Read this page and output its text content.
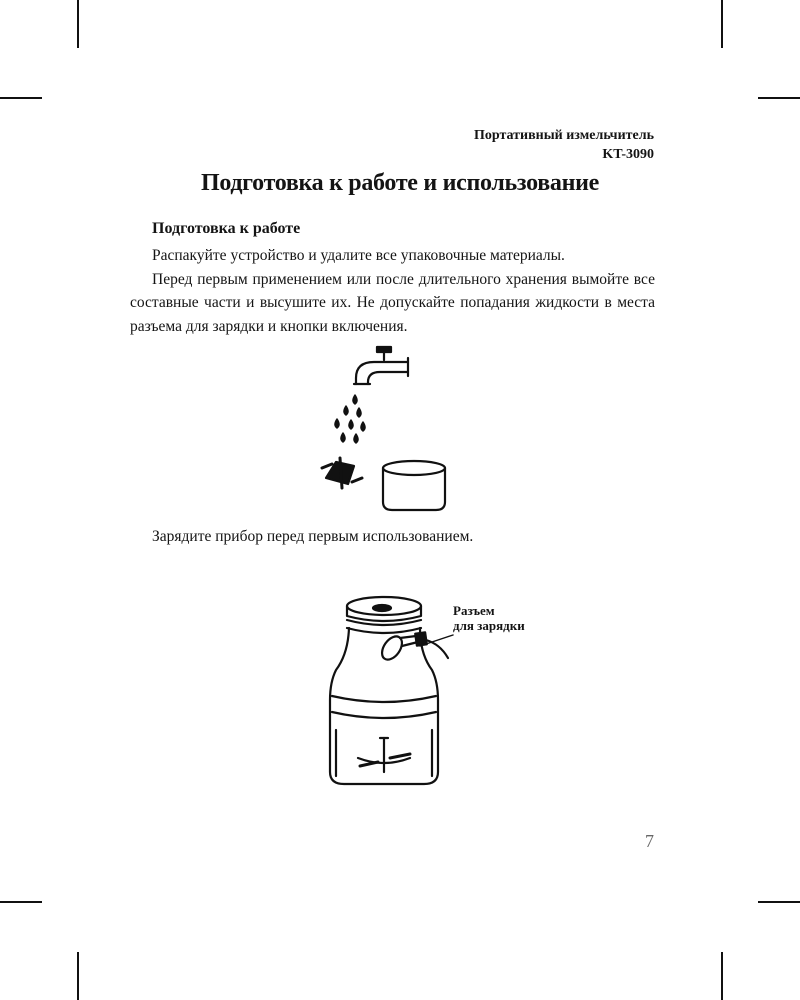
Портативный измельчитель
KT-3090
Подготовка к работе и использование
Подготовка к работе

Распакуйте устройство и удалите все упаковочные материалы.

Перед первым применением или после длительного хранения вымойте все составные части и высушите их. Не допускайте попадания жидкости в места разъема для зарядки и кнопки включения.

Зарядите прибор перед первым использованием.

Разъем
для зарядки
7
